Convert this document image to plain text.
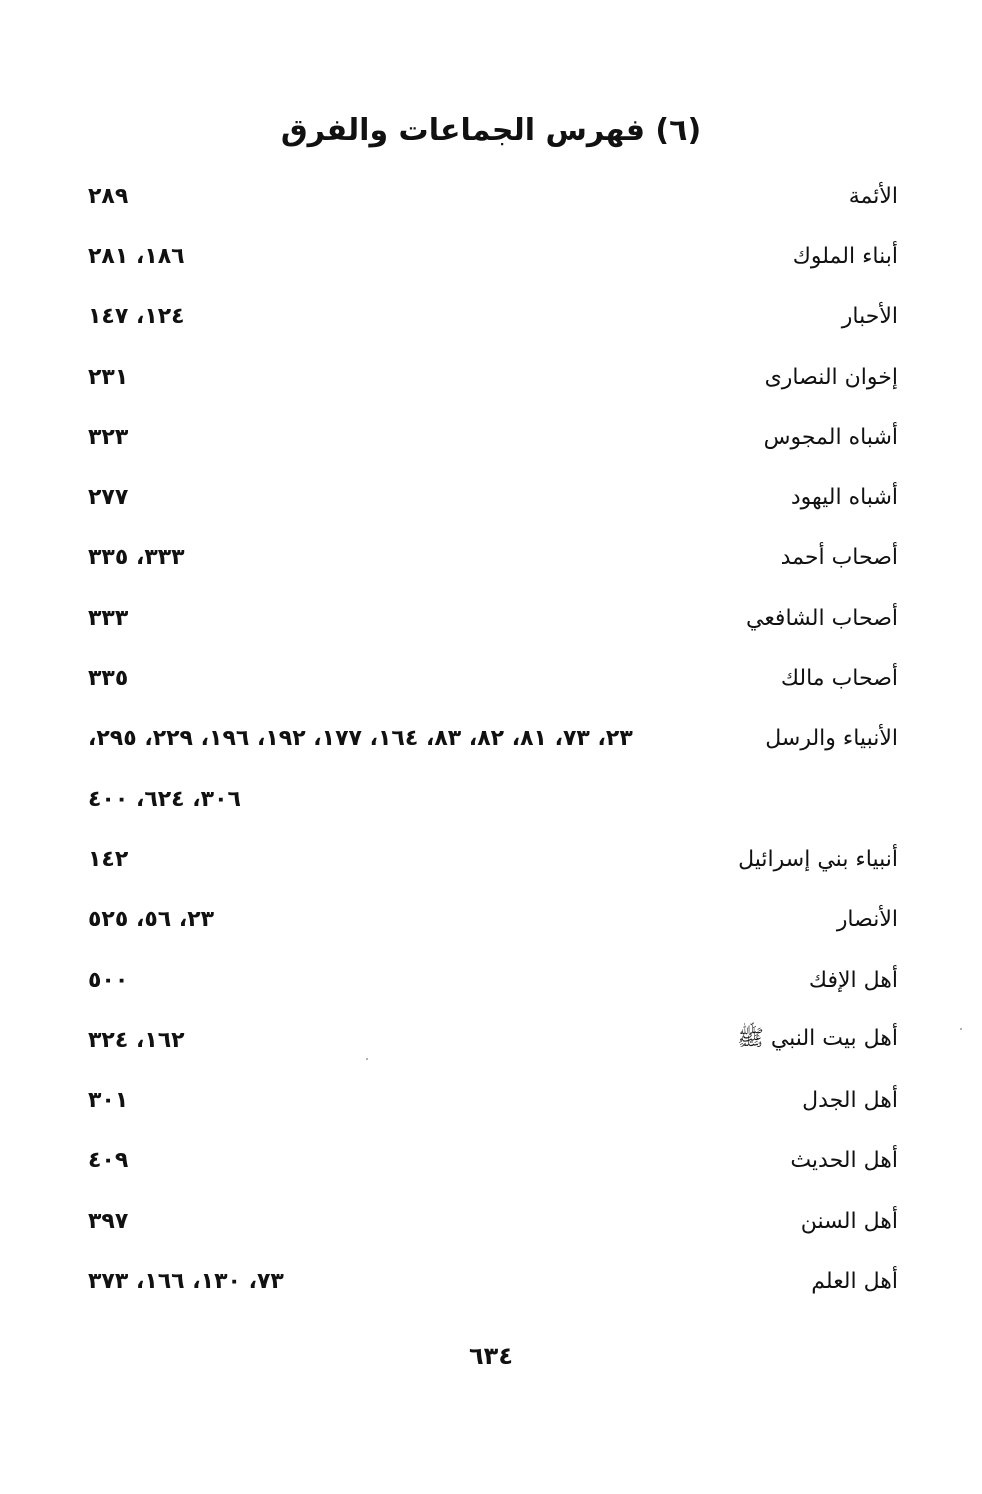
(٦) فهرس الجماعات والفرق
الأئمة
٢٨٩
أبناء الملوك
١٨٦، ٢٨١
الأحبار
١٢٤، ١٤٧
إخوان النصارى
٢٣١
أشباه المجوس
٣٢٣
أشباه اليهود
٢٧٧
أصحاب أحمد
٣٣٣، ٣٣٥
أصحاب الشافعي
٣٣٣
أصحاب مالك
٣٣٥
الأنبياء والرسل
٢٣، ٧٣، ٨١، ٨٢، ٨٣، ١٦٤، ١٧٧، ١٩٢، ١٩٦، ٢٢٩، ٢٩٥،
٣٠٦، ٦٢٤، ٤٠٠
أنبياء بني إسرائيل
١٤٢
الأنصار
٢٣، ٥٦، ٥٢٥
أهل الإفك
٥٠٠
أهل بيت النبي ﷺ
١٦٢، ٣٢٤
أهل الجدل
٣٠١
أهل الحديث
٤٠٩
أهل السنن
٣٩٧
أهل العلم
٧٣، ١٣٠، ١٦٦، ٣٧٣
٦٣٤
